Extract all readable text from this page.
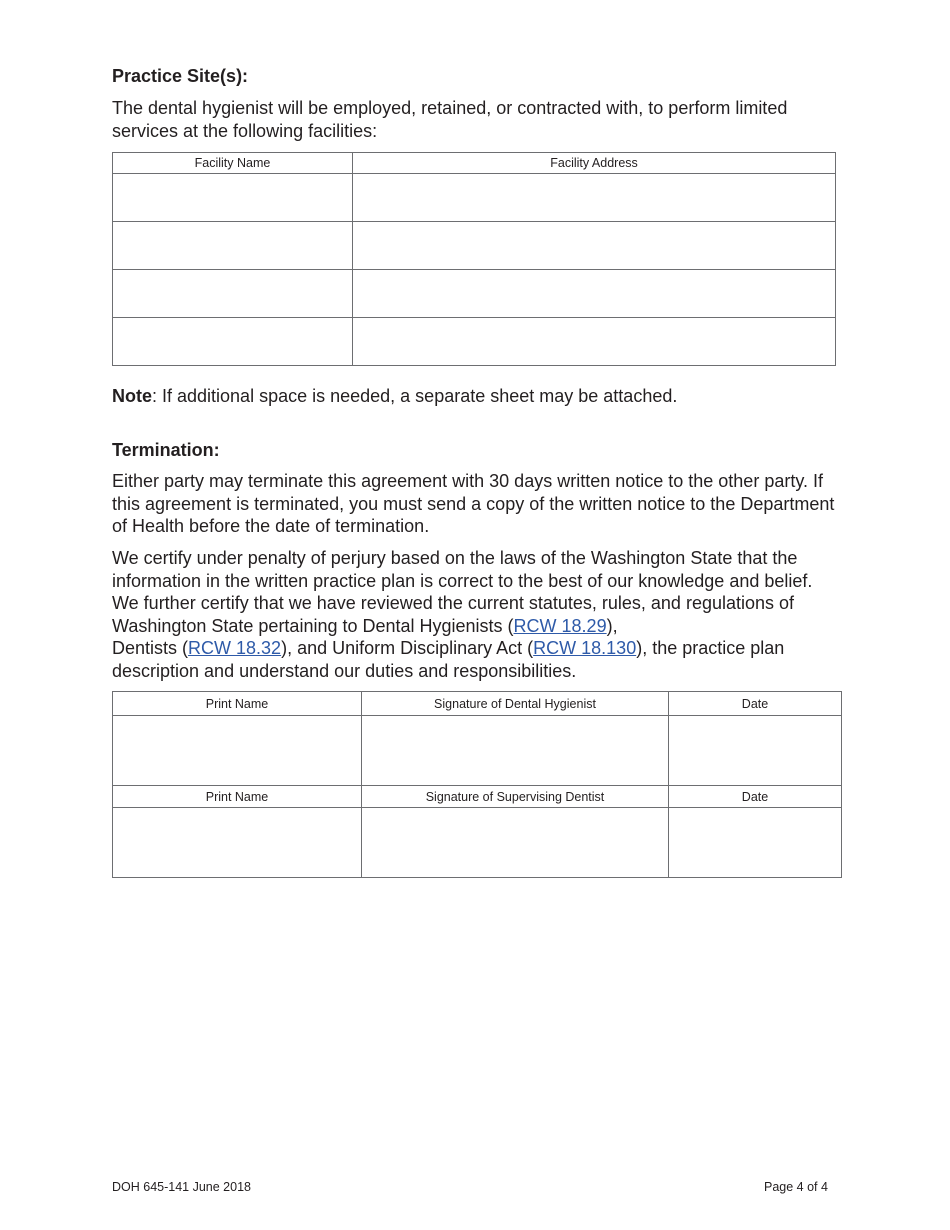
Practice Site(s):
The dental hygienist will be employed, retained, or contracted with, to perform limited services at the following facilities:
Facility Name	Facility Address

Note: If additional space is needed, a separate sheet may be attached.
Termination:
Either party may terminate this agreement with 30 days written notice to the other party. If this agreement is terminated, you must send a copy of the written notice to the Department of Health before the date of termination.
We certify under penalty of perjury based on the laws of the Washington State that the information in the written practice plan is correct to the best of our knowledge and belief. We further certify that we have reviewed the current statutes, rules, and regulations of Washington State pertaining to Dental Hygienists (RCW 18.29),
Dentists (RCW 18.32), and Uniform Disciplinary Act (RCW 18.130), the practice plan description and understand our duties and responsibilities.
Print Name	Signature of Dental Hygienist	Date

Print Name	Signature of Supervising Dentist	Date

DOH 645-141 June 2018	Page 4 of 4
